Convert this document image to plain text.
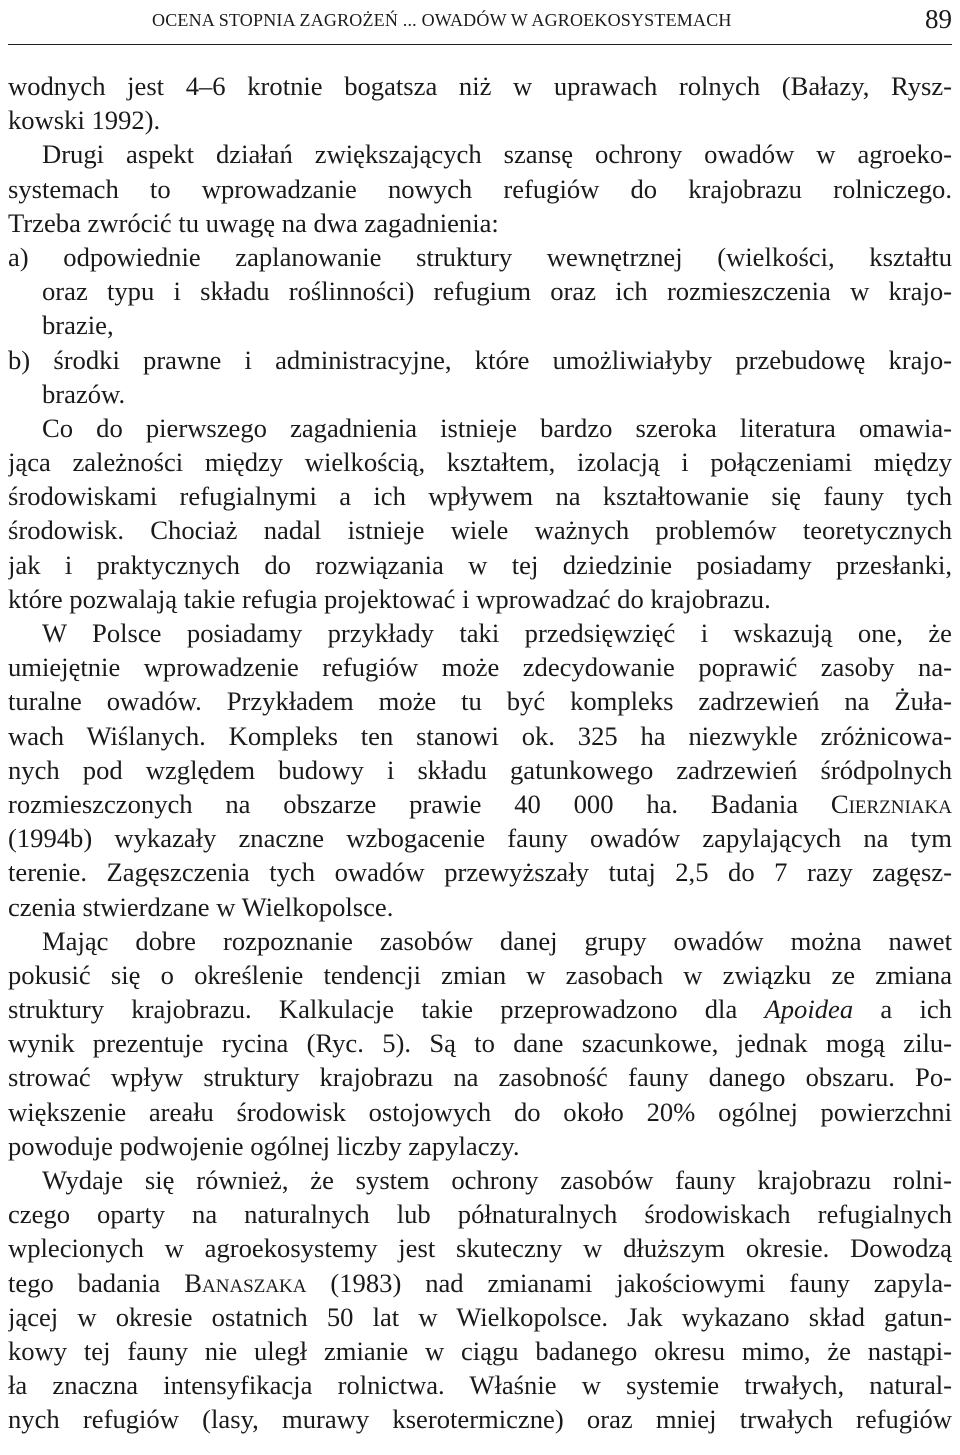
OCENA STOPNIA ZAGROŻEŃ ... OWADÓW W AGROEKOSYSTEMACH	89
wodnych jest 4–6 krotnie bogatsza niż w uprawach rolnych (Bałazy, Rysz-
kowski 1992).
Drugi aspekt działań zwiększających szansę ochrony owadów w agroeko-
systemach to wprowadzanie nowych refugiów do krajobrazu rolniczego.
Trzeba zwrócić tu uwagę na dwa zagadnienia:
a) odpowiednie zaplanowanie struktury wewnętrznej (wielkości, kształtu
oraz typu i składu roślinności) refugium oraz ich rozmieszczenia w krajo-
brazie,
b) środki prawne i administracyjne, które umożliwiałyby przebudowę krajo-
brazów.
Co do pierwszego zagadnienia istnieje bardzo szeroka literatura omawia-
jąca zależności między wielkością, kształtem, izolacją i połączeniami między
środowiskami refugialnymi a ich wpływem na kształtowanie się fauny tych
środowisk. Chociaż nadal istnieje wiele ważnych problemów teoretycznych
jak i praktycznych do rozwiązania w tej dziedzinie posiadamy przesłanki,
które pozwalają takie refugia projektować i wprowadzać do krajobrazu.
W Polsce posiadamy przykłady taki przedsięwzięć i wskazują one, że
umiejętnie wprowadzenie refugiów może zdecydowanie poprawić zasoby na-
turalne owadów. Przykładem może tu być kompleks zadrzewień na Żuła-
wach Wiślanych. Kompleks ten stanowi ok. 325 ha niezwykle zróżnicowa-
nych pod względem budowy i składu gatunkowego zadrzewień śródpolnych
rozmieszczonych na obszarze prawie 40 000 ha. Badania Cierzniaka
(1994b) wykazały znaczne wzbogacenie fauny owadów zapylających na tym
terenie. Zagęszczenia tych owadów przewyższały tutaj 2,5 do 7 razy zagęsz-
czenia stwierdzane w Wielkopolsce.
Mając dobre rozpoznanie zasobów danej grupy owadów można nawet
pokusić się o określenie tendencji zmian w zasobach w związku ze zmiana
struktury krajobrazu. Kalkulacje takie przeprowadzono dla Apoidea a ich
wynik prezentuje rycina (Ryc. 5). Są to dane szacunkowe, jednak mogą zilu-
strować wpływ struktury krajobrazu na zasobność fauny danego obszaru. Po-
większenie areału środowisk ostojowych do około 20% ogólnej powierzchni
powoduje podwojenie ogólnej liczby zapylaczy.
Wydaje się również, że system ochrony zasobów fauny krajobrazu rolni-
czego oparty na naturalnych lub półnaturalnych środowiskach refugialnych
wplecionych w agroekosystemy jest skuteczny w dłuższym okresie. Dowodzą
tego badania Banaszaka (1983) nad zmianami jakościowymi fauny zapyla-
jącej w okresie ostatnich 50 lat w Wielkopolsce. Jak wykazano skład gatun-
kowy tej fauny nie uległ zmianie w ciągu badanego okresu mimo, że nastąpi-
ła znaczna intensyfikacja rolnictwa. Właśnie w systemie trwałych, natural-
nych refugiów (lasy, murawy kserotermiczne) oraz mniej trwałych refugiów
